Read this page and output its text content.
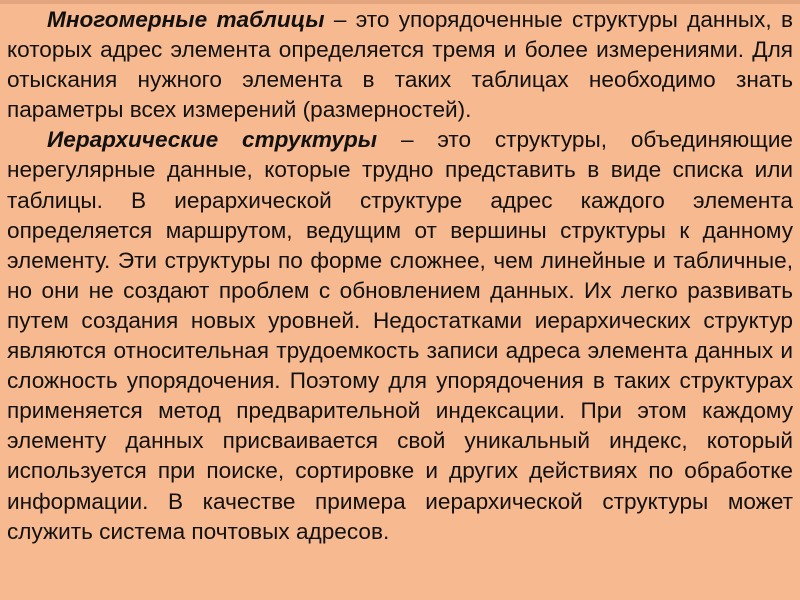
Многомерные таблицы – это упорядоченные структуры данных, в которых адрес элемента определяется тремя и более измерениями. Для отыскания нужного элемента в таких таблицах необходимо знать параметры всех измерений (размерностей).

Иерархические структуры – это структуры, объединяющие нерегулярные данные, которые трудно представить в виде списка или таблицы. В иерархической структуре адрес каждого элемента определяется маршрутом, ведущим от вершины структуры к данному элементу. Эти структуры по форме сложнее, чем линейные и табличные, но они не создают проблем с обновлением данных. Их легко развивать путем создания новых уровней. Недостатками иерархических структур являются относительная трудоемкость записи адреса элемента данных и сложность упорядочения. Поэтому для упорядочения в таких структурах применяется метод предварительной индексации. При этом каждому элементу данных присваивается свой уникальный индекс, который используется при поиске, сортировке и других действиях по обработке информации. В качестве примера иерархической структуры может служить система почтовых адресов.
